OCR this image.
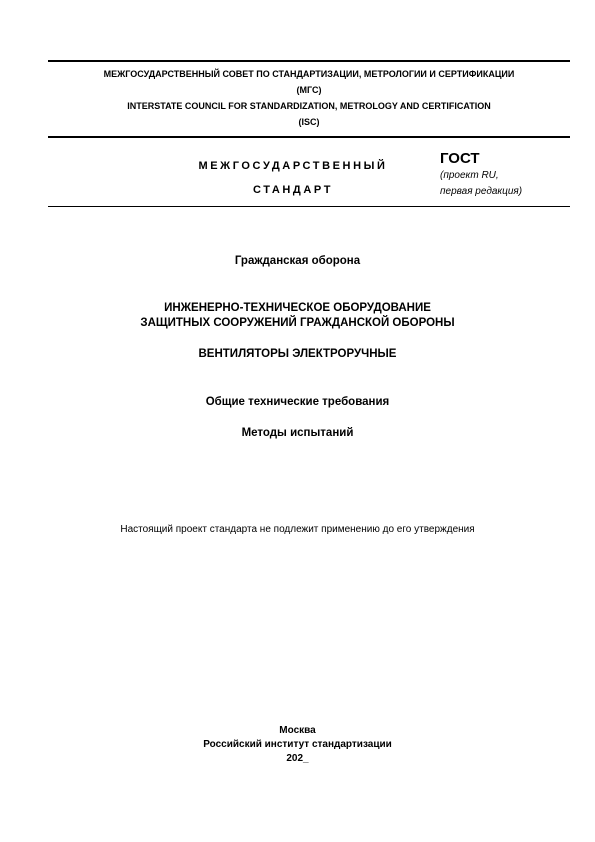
МЕЖГОСУДАРСТВЕННЫЙ СОВЕТ ПО СТАНДАРТИЗАЦИИ, МЕТРОЛОГИИ И СЕРТИФИКАЦИИ
(МГС)
INTERSTATE COUNCIL FOR STANDARDIZATION, METROLOGY AND CERTIFICATION
(ISC)
МЕЖГОСУДАРСТВЕННЫЙ
СТАНДАРТ
ГОСТ
(проект RU,
первая редакция)
Гражданская оборона
ИНЖЕНЕРНО-ТЕХНИЧЕСКОЕ ОБОРУДОВАНИЕ
ЗАЩИТНЫХ СООРУЖЕНИЙ ГРАЖДАНСКОЙ ОБОРОНЫ
ВЕНТИЛЯТОРЫ ЭЛЕКТРОРУЧНЫЕ
Общие технические требования
Методы испытаний
Настоящий проект стандарта не подлежит применению до его утверждения
Москва
Российский институт стандартизации
202_
